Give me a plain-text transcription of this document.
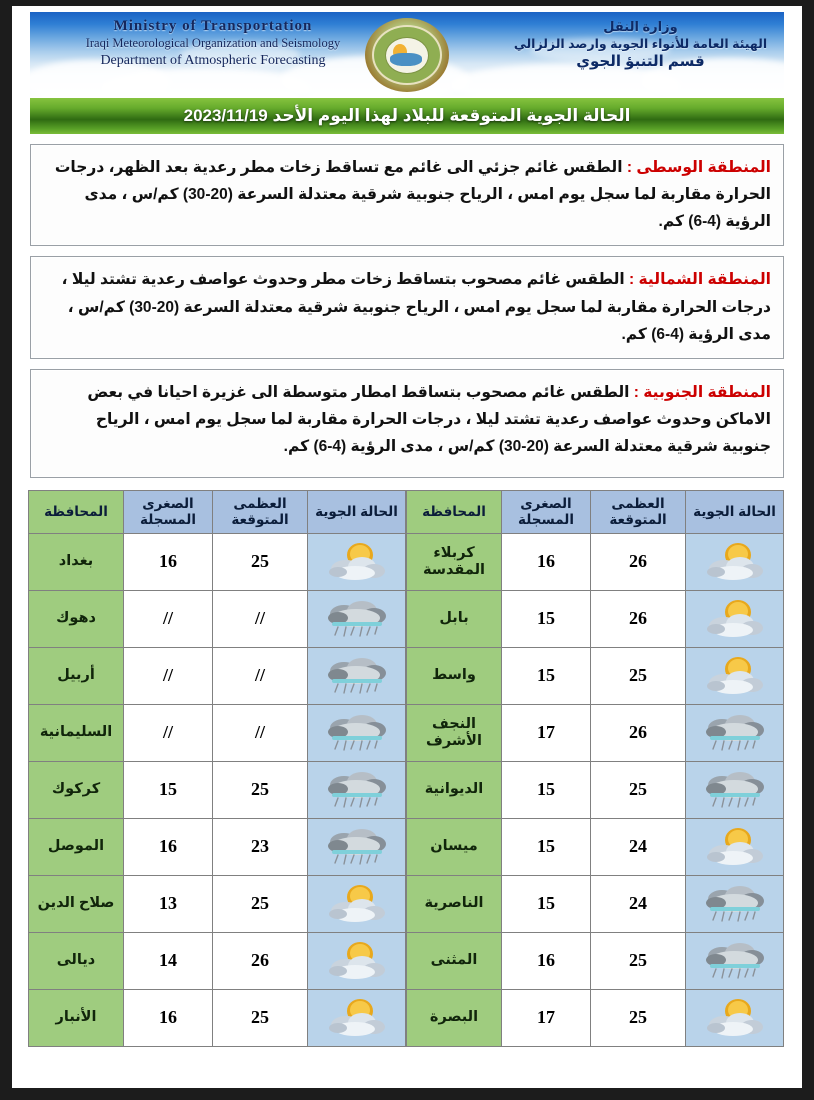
Ministry of Transportation
Iraqi Meteorological Organization and Seismology
Department of Atmospheric Forecasting
وزارة النقل
الهيئة العامة للأنواء الجوية وارصد الزلزالي
قسم التنبؤ الجوي
الحالة الجوية المتوقعة للبلاد لهذا اليوم الأحد 2023/11/19
المنطقة الوسطى : الطقس غائم جزئي الى غائم مع تساقط زخات مطر رعدية بعد الظهر، درجات الحرارة مقاربة لما سجل يوم امس ، الرياح جنوبية شرقية معتدلة السرعة (20-30) كم/س ، مدى الرؤية (4-6) كم.
المنطقة الشمالية : الطقس غائم مصحوب بتساقط زخات مطر وحدوث عواصف رعدية تشتد ليلا ، درجات الحرارة مقاربة لما سجل يوم امس ، الرياح جنوبية شرقية معتدلة السرعة (20-30) كم/س ، مدى الرؤية (4-6) كم.
المنطقة الجنوبية : الطقس غائم مصحوب بتساقط امطار متوسطة الى غزيرة احيانا في بعض الاماكن وحدوث عواصف رعدية تشتد ليلا ، درجات الحرارة مقاربة لما سجل يوم امس ، الرياح جنوبية شرقية معتدلة السرعة (20-30) كم/س ، مدى الرؤية (4-6) كم.
الحالة الجوية	العظمى المتوقعة	الصغرى المسجلة	المحافظة
	26	16	كربلاء المقدسة
	26	15	بابل
	25	15	واسط
	26	17	النجف الأشرف
	25	15	الديوانية
	24	15	ميسان
	24	15	الناصرية
	25	16	المثنى
	25	17	البصرة
الحالة الجوية	العظمى المتوقعة	الصغرى المسجلة	المحافظة
	25	16	بغداد
	//	//	دهوك
	//	//	أربيل
	//	//	السليمانية
	25	15	كركوك
	23	16	الموصل
	25	13	صلاح الدين
	26	14	ديالى
	25	16	الأنبار
